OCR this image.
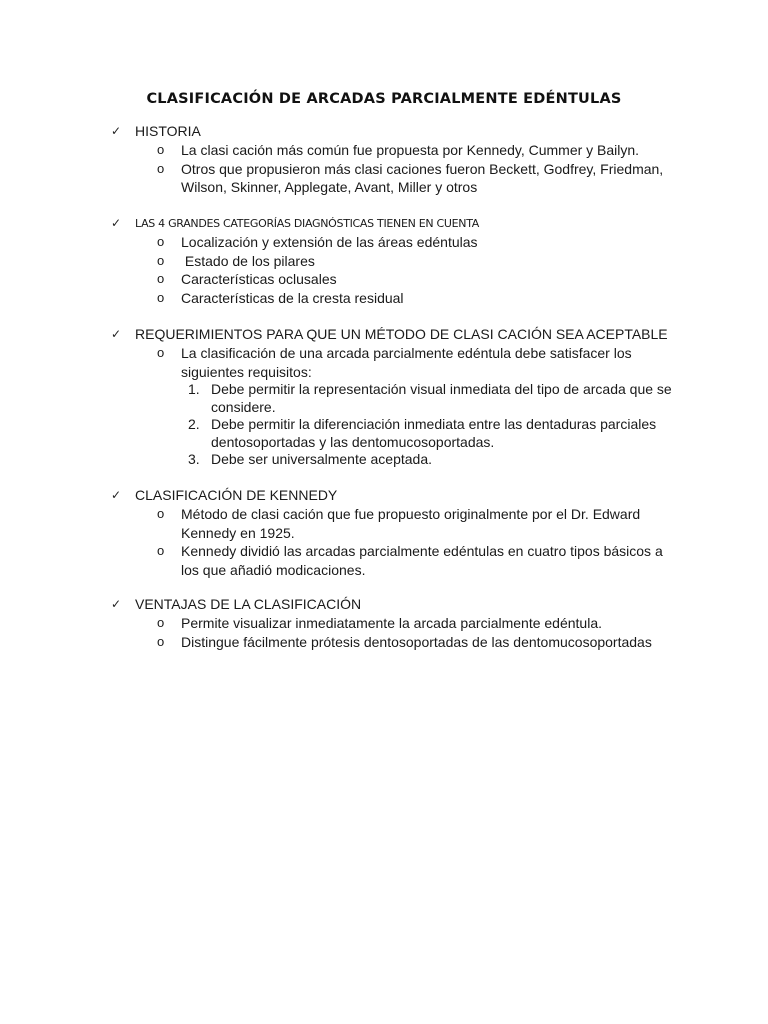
CLASIFICACIÓN DE ARCADAS PARCIALMENTE EDÉNTULAS
✓ HISTORIA
o La clasi cación más común fue propuesta por Kennedy, Cummer y Bailyn.
o Otros que propusieron más clasi caciones fueron Beckett, Godfrey, Friedman, Wilson, Skinner, Applegate, Avant, Miller y otros
✓ LAS 4 GRANDES CATEGORÍAS DIAGNÓSTICAS TIENEN EN CUENTA
o Localización y extensión de las áreas edéntulas
o Estado de los pilares
o Características oclusales
o Características de la cresta residual
✓ REQUERIMIENTOS PARA QUE UN MÉTODO DE CLASI CACIÓN SEA ACEPTABLE
o La clasificación de una arcada parcialmente edéntula debe satisfacer los siguientes requisitos:
1. Debe permitir la representación visual inmediata del tipo de arcada que se considere.
2. Debe permitir la diferenciación inmediata entre las dentaduras parciales dentosoportadas y las dentomucosoportadas.
3. Debe ser universalmente aceptada.
✓ CLASIFICACIÓN DE KENNEDY
o Método de clasi cación que fue propuesto originalmente por el Dr. Edward Kennedy en 1925.
o Kennedy dividió las arcadas parcialmente edéntulas en cuatro tipos básicos a los que añadió modicaciones.
✓ VENTAJAS DE LA CLASIFICACIÓN
o Permite visualizar inmediatamente la arcada parcialmente edéntula.
o Distingue fácilmente prótesis dentosoportadas de las dentomucosoportadas
